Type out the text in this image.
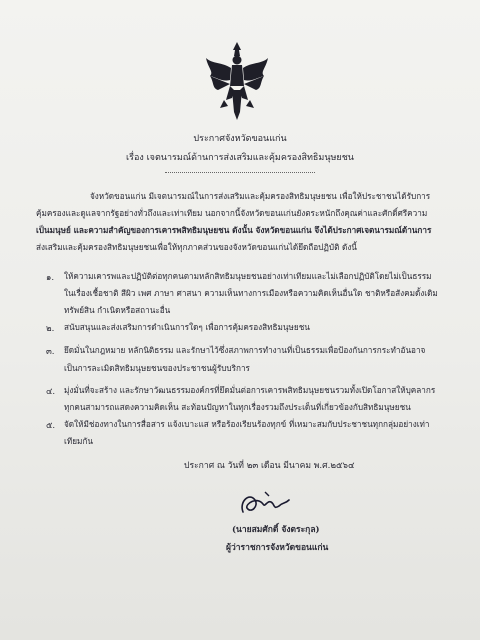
ประกาศจังหวัดขอนแก่น
เรื่อง เจตนารมณ์ด้านการส่งเสริมและคุ้มครองสิทธิมนุษยชน
จังหวัดขอนแก่น มีเจตนารมณ์ในการส่งเสริมและคุ้มครองสิทธิมนุษยชน เพื่อให้ประชาชนได้รับการ
คุ้มครองและดูแลจากรัฐอย่างทั่วถึงและเท่าเทียม นอกจากนี้จังหวัดขอนแก่นยังตระหนักถึงคุณค่าและศักดิ์ศรีความ
เป็นมนุษย์ และความสำคัญของการเคารพสิทธิมนุษยชน ดังนั้น จังหวัดขอนแก่น จึงได้ประกาศเจตนารมณ์ด้านการ
ส่งเสริมและคุ้มครองสิทธิมนุษยชนเพื่อให้ทุกภาคส่วนของจังหวัดขอนแก่นได้ยึดถือปฏิบัติ ดังนี้
๑. ให้ความเคารพและปฏิบัติต่อทุกคนตามหลักสิทธิมนุษยชนอย่างเท่าเทียมและไม่เลือกปฏิบัติโดยไม่เป็นธรรม
ในเรื่องเชื้อชาติ สีผิว เพศ ภาษา ศาสนา ความเห็นทางการเมืองหรือความคิดเห็นอื่นใด ชาติหรือสังคมดั้งเดิม
ทรัพย์สิน กำเนิดหรือสถานะอื่น
๒. สนับสนุนและส่งเสริมการดำเนินการใดๆ เพื่อการคุ้มครองสิทธิมนุษยชน
๓. ยึดมั่นในกฎหมาย หลักนิติธรรม และรักษาไว้ซึ่งสภาพการทำงานที่เป็นธรรมเพื่อป้องกันการกระทำอันอาจ
เป็นการละเมิดสิทธิมนุษยชนของประชาชนผู้รับบริการ
๔. มุ่งมั่นที่จะสร้าง และรักษาวัฒนธรรมองค์กรที่ยึดมั่นต่อการเคารพสิทธิมนุษยชนรวมทั้งเปิดโอกาสให้บุคลากร
ทุกคนสามารถแสดงความคิดเห็น สะท้อนปัญหาในทุกเรื่องรวมถึงประเด็นที่เกี่ยวข้องกับสิทธิมนุษยชน
๕. จัดให้มีช่องทางในการสื่อสาร แจ้งเบาะแส หรือร้องเรียนร้องทุกข์ ที่เหมาะสมกับประชาชนทุกกลุ่มอย่างเท่า
เทียมกัน
ประกาศ ณ วันที่ ๒๓ เดือน มีนาคม พ.ศ.๒๕๖๔
(นายสมศักดิ์ จังตระกุล)
ผู้ว่าราชการจังหวัดขอนแก่น
